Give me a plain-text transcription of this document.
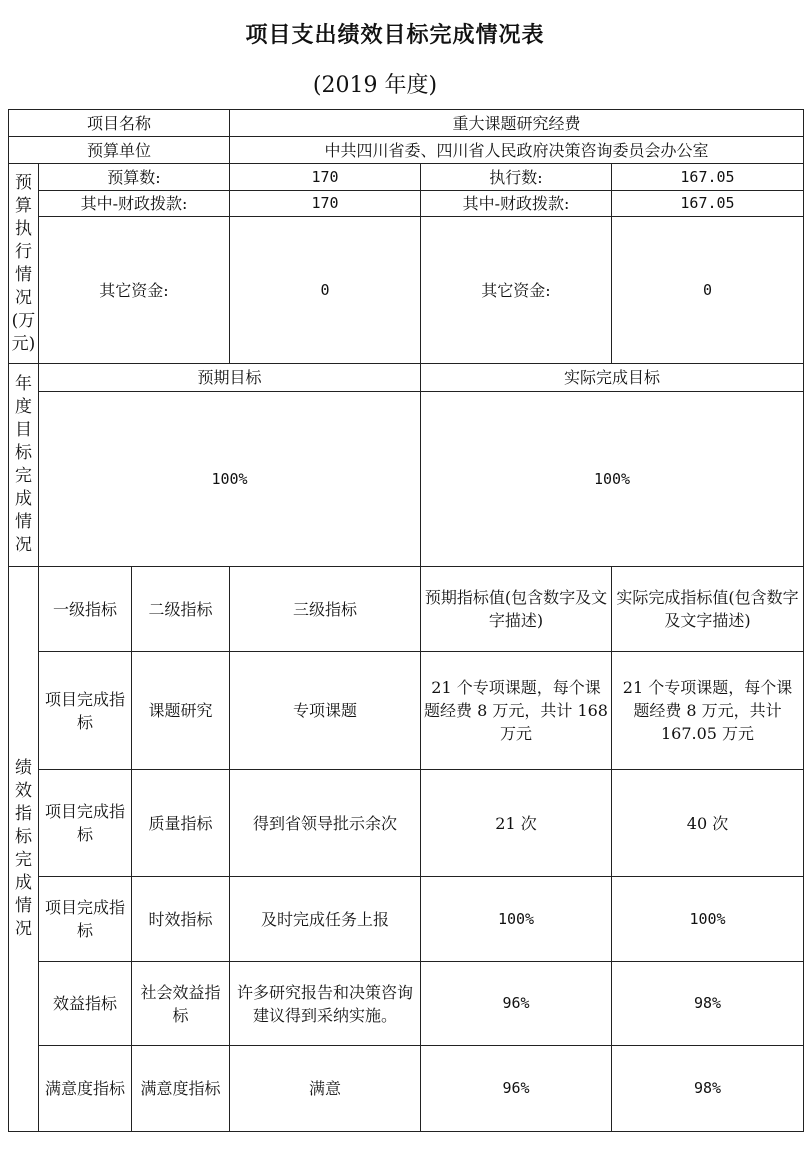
项目支出绩效目标完成情况表
(2019 年度)
项目名称			重大课题研究经费		
预算单位			中共四川省委、四川省人民政府决策咨询委员会办公室		
预算执行情况(万元)	预算数:		170	执行数:	167.05
	其中-财政拨款:		170	其中-财政拨款:	167.05
	其它资金:		0	其它资金:	0
年度目标完成情况	预期目标			实际完成目标	
	100%			100%	
绩效指标完成情况	一级指标	二级指标	三级指标	预期指标值(包含数字及文字描述)	实际完成指标值(包含数字及文字描述)
	项目完成指标	课题研究	专项课题	21 个专项课题，每个课题经费 8 万元，共计 168 万元	21 个专项课题，每个课题经费 8 万元，共计 167.05 万元
	项目完成指标	质量指标	得到省领导批示余次	21 次	40 次
	项目完成指标	时效指标	及时完成任务上报	100%	100%
	效益指标	社会效益指标	许多研究报告和决策咨询建议得到采纳实施。	96%	98%
	满意度指标	满意度指标	满意	96%	98%
